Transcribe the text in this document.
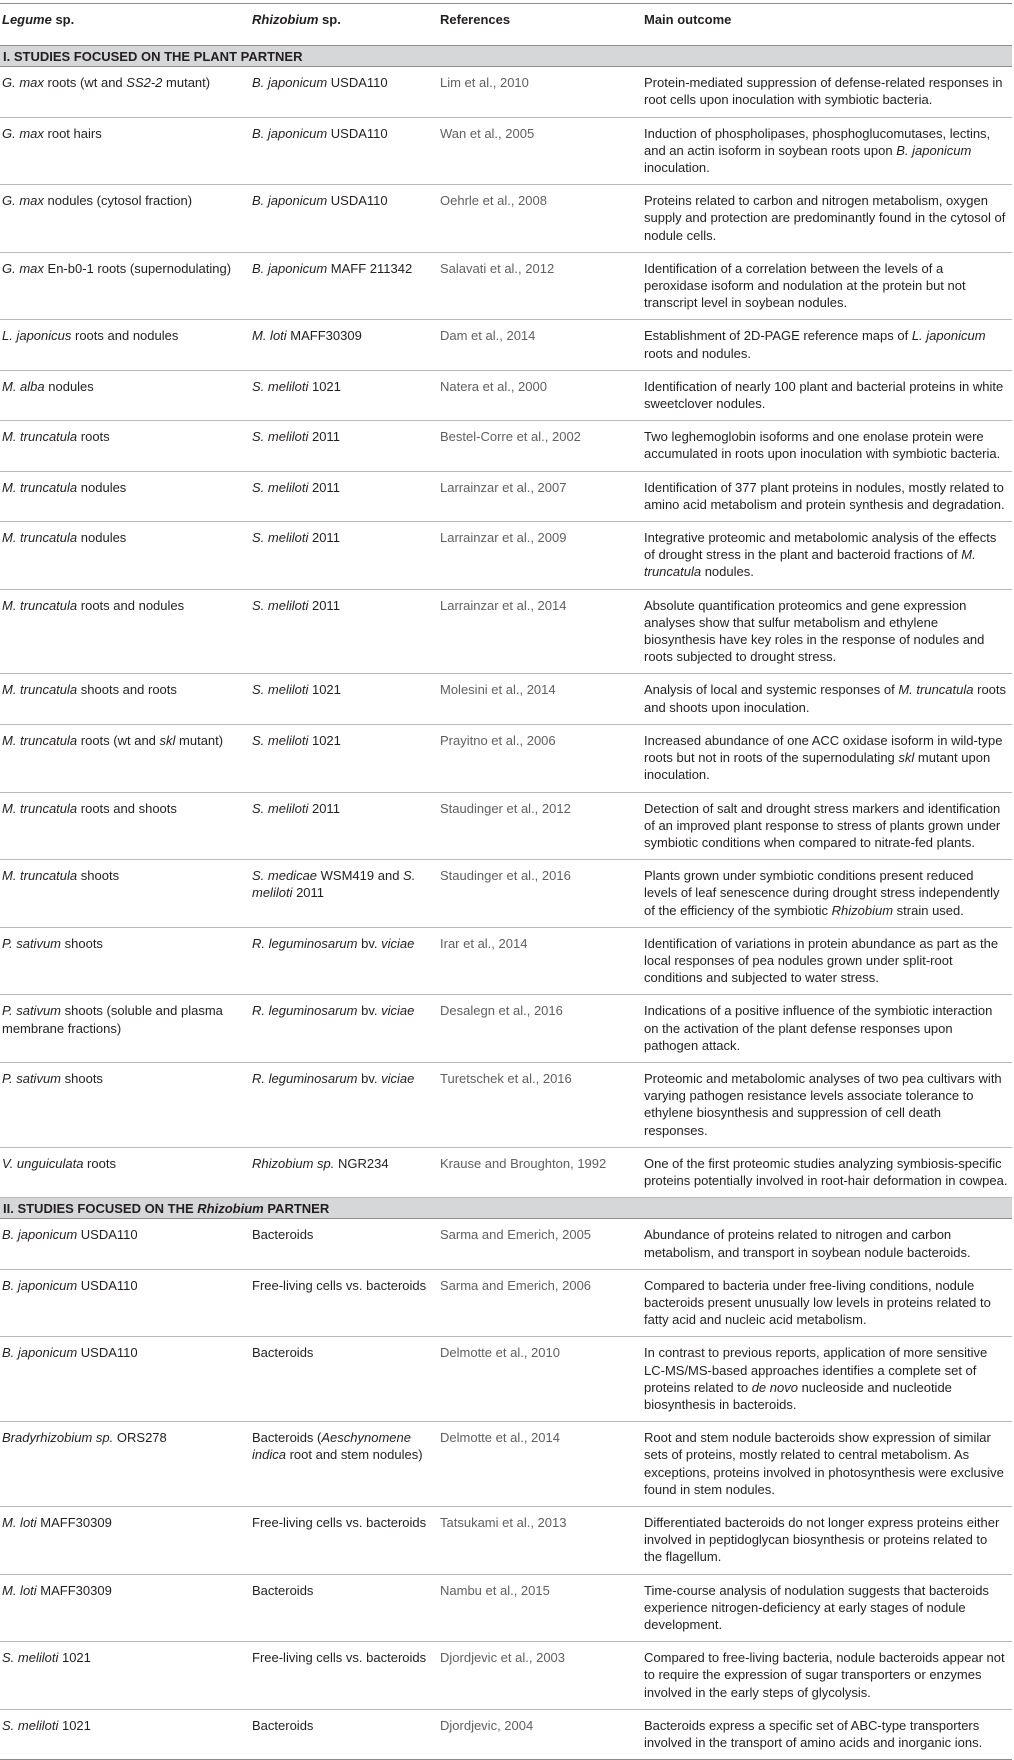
Legume sp.	Rhizobium sp.	References	Main outcome
I. STUDIES FOCUSED ON THE PLANT PARTNER			
G. max roots (wt and SS2-2 mutant)	B. japonicum USDA110	Lim et al., 2010	Protein-mediated suppression of defense-related responses in root cells upon inoculation with symbiotic bacteria.
G. max root hairs	B. japonicum USDA110	Wan et al., 2005	Induction of phospholipases, phosphoglucomutases, lectins, and an actin isoform in soybean roots upon B. japonicum inoculation.
G. max nodules (cytosol fraction)	B. japonicum USDA110	Oehrle et al., 2008	Proteins related to carbon and nitrogen metabolism, oxygen supply and protection are predominantly found in the cytosol of nodule cells.
G. max En-b0-1 roots (supernodulating)	B. japonicum MAFF 211342	Salavati et al., 2012	Identification of a correlation between the levels of a peroxidase isoform and nodulation at the protein but not transcript level in soybean nodules.
L. japonicus roots and nodules	M. loti MAFF30309	Dam et al., 2014	Establishment of 2D-PAGE reference maps of L. japonicum roots and nodules.
M. alba nodules	S. meliloti 1021	Natera et al., 2000	Identification of nearly 100 plant and bacterial proteins in white sweetclover nodules.
M. truncatula roots	S. meliloti 2011	Bestel-Corre et al., 2002	Two leghemoglobin isoforms and one enolase protein were accumulated in roots upon inoculation with symbiotic bacteria.
M. truncatula nodules	S. meliloti 2011	Larrainzar et al., 2007	Identification of 377 plant proteins in nodules, mostly related to amino acid metabolism and protein synthesis and degradation.
M. truncatula nodules	S. meliloti 2011	Larrainzar et al., 2009	Integrative proteomic and metabolomic analysis of the effects of drought stress in the plant and bacteroid fractions of M. truncatula nodules.
M. truncatula roots and nodules	S. meliloti 2011	Larrainzar et al., 2014	Absolute quantification proteomics and gene expression analyses show that sulfur metabolism and ethylene biosynthesis have key roles in the response of nodules and roots subjected to drought stress.
M. truncatula shoots and roots	S. meliloti 1021	Molesini et al., 2014	Analysis of local and systemic responses of M. truncatula roots and shoots upon inoculation.
M. truncatula roots (wt and skl mutant)	S. meliloti 1021	Prayitno et al., 2006	Increased abundance of one ACC oxidase isoform in wild-type roots but not in roots of the supernodulating skl mutant upon inoculation.
M. truncatula roots and shoots	S. meliloti 2011	Staudinger et al., 2012	Detection of salt and drought stress markers and identification of an improved plant response to stress of plants grown under symbiotic conditions when compared to nitrate-fed plants.
M. truncatula shoots	S. medicae WSM419 and S. meliloti 2011	Staudinger et al., 2016	Plants grown under symbiotic conditions present reduced levels of leaf senescence during drought stress independently of the efficiency of the symbiotic Rhizobium strain used.
P. sativum shoots	R. leguminosarum bv. viciae	Irar et al., 2014	Identification of variations in protein abundance as part as the local responses of pea nodules grown under split-root conditions and subjected to water stress.
P. sativum shoots (soluble and plasma membrane fractions)	R. leguminosarum bv. viciae	Desalegn et al., 2016	Indications of a positive influence of the symbiotic interaction on the activation of the plant defense responses upon pathogen attack.
P. sativum shoots	R. leguminosarum bv. viciae	Turetschek et al., 2016	Proteomic and metabolomic analyses of two pea cultivars with varying pathogen resistance levels associate tolerance to ethylene biosynthesis and suppression of cell death responses.
V. unguiculata roots	Rhizobium sp. NGR234	Krause and Broughton, 1992	One of the first proteomic studies analyzing symbiosis-specific proteins potentially involved in root-hair deformation in cowpea.
II. STUDIES FOCUSED ON THE Rhizobium PARTNER			
B. japonicum USDA110	Bacteroids	Sarma and Emerich, 2005	Abundance of proteins related to nitrogen and carbon metabolism, and transport in soybean nodule bacteroids.
B. japonicum USDA110	Free-living cells vs. bacteroids	Sarma and Emerich, 2006	Compared to bacteria under free-living conditions, nodule bacteroids present unusually low levels in proteins related to fatty acid and nucleic acid metabolism.
B. japonicum USDA110	Bacteroids	Delmotte et al., 2010	In contrast to previous reports, application of more sensitive LC-MS/MS-based approaches identifies a complete set of proteins related to de novo nucleoside and nucleotide biosynthesis in bacteroids.
Bradyrhizobium sp. ORS278	Bacteroids (Aeschynomene indica root and stem nodules)	Delmotte et al., 2014	Root and stem nodule bacteroids show expression of similar sets of proteins, mostly related to central metabolism. As exceptions, proteins involved in photosynthesis were exclusive found in stem nodules.
M. loti MAFF30309	Free-living cells vs. bacteroids	Tatsukami et al., 2013	Differentiated bacteroids do not longer express proteins either involved in peptidoglycan biosynthesis or proteins related to the flagellum.
M. loti MAFF30309	Bacteroids	Nambu et al., 2015	Time-course analysis of nodulation suggests that bacteroids experience nitrogen-deficiency at early stages of nodule development.
S. meliloti 1021	Free-living cells vs. bacteroids	Djordjevic et al., 2003	Compared to free-living bacteria, nodule bacteroids appear not to require the expression of sugar transporters or enzymes involved in the early steps of glycolysis.
S. meliloti 1021	Bacteroids	Djordjevic, 2004	Bacteroids express a specific set of ABC-type transporters involved in the transport of amino acids and inorganic ions.
